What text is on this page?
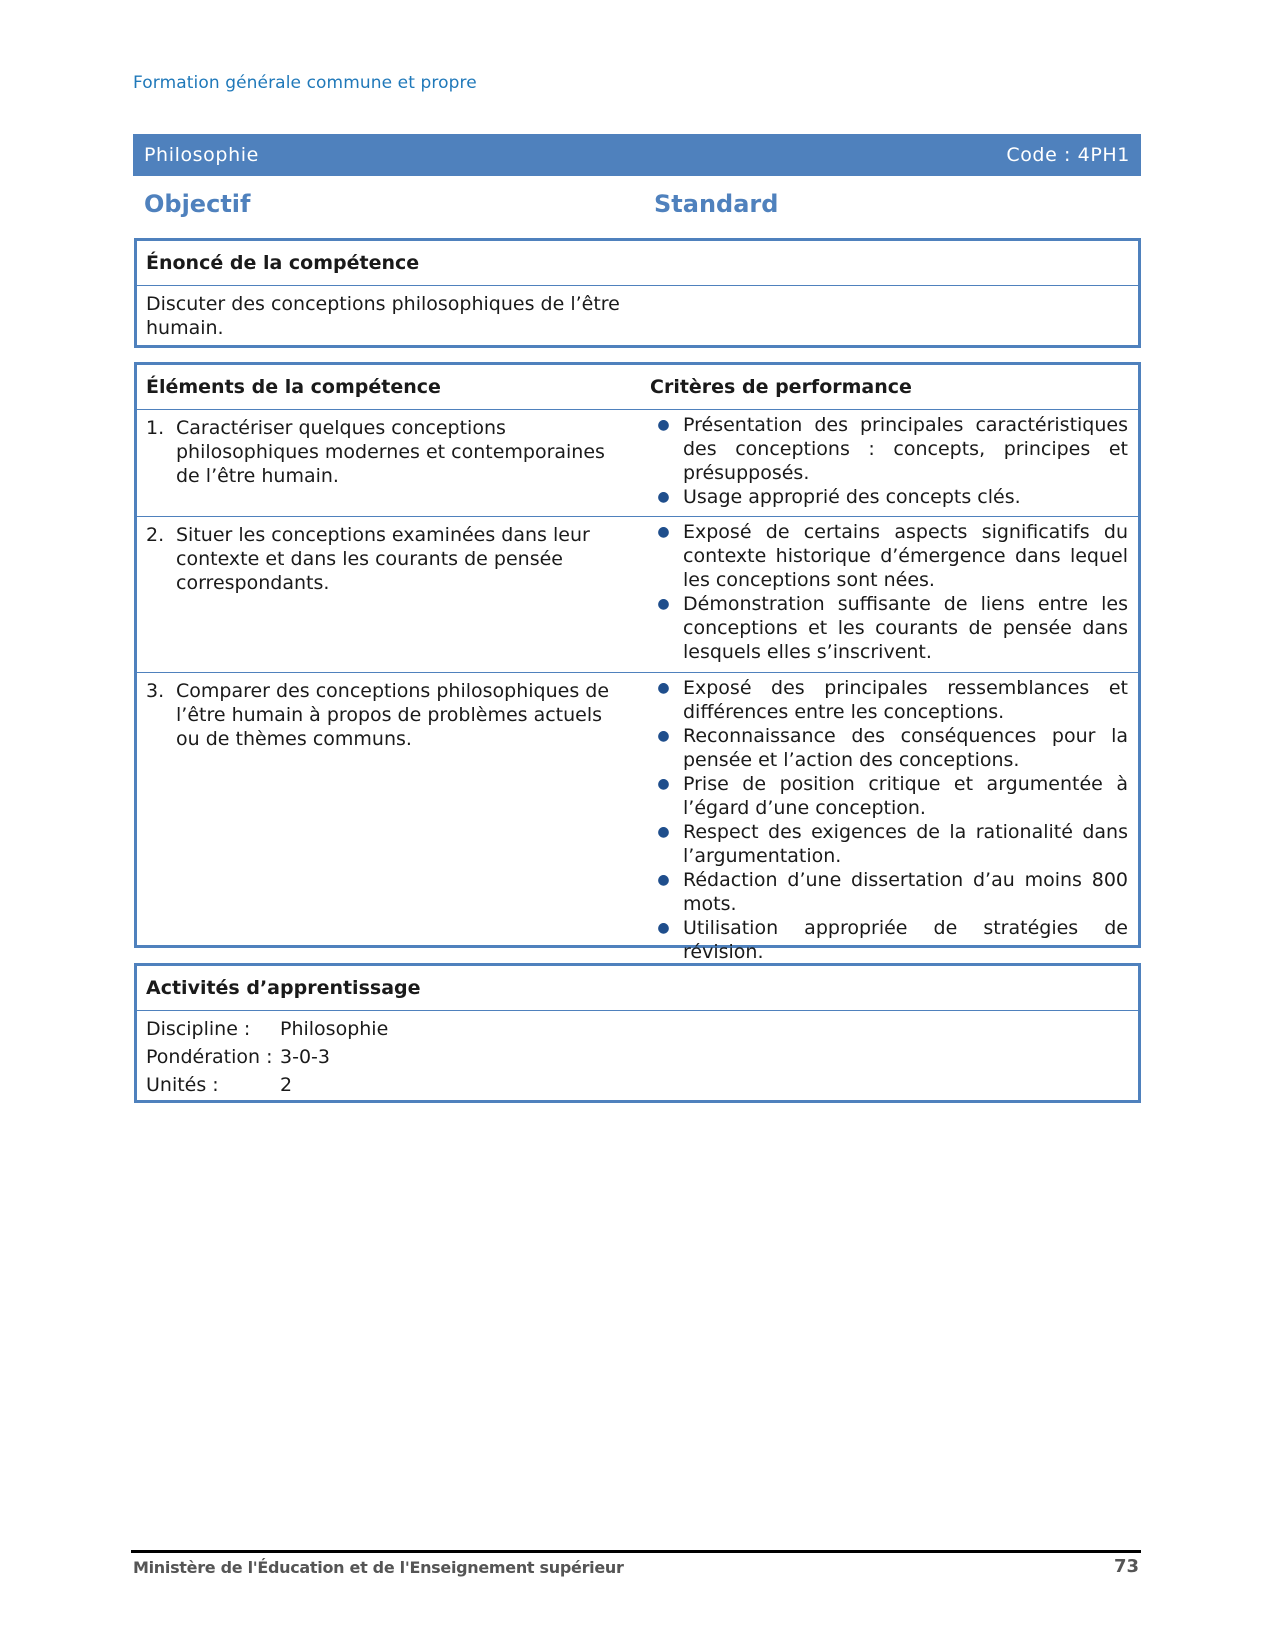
Formation générale commune et propre
Philosophie	Code : 4PH1
Objectif	Standard
Énoncé de la compétence
Discuter des conceptions philosophiques de l’être humain.
Éléments de la compétence	Critères de performance
1. Caractériser quelques conceptions philosophiques modernes et contemporaines de l’être humain.
● Présentation des principales caractéristiques des conceptions : concepts, principes et présupposés.
● Usage approprié des concepts clés.
2. Situer les conceptions examinées dans leur contexte et dans les courants de pensée correspondants.
● Exposé de certains aspects significatifs du contexte historique d’émergence dans lequel les conceptions sont nées.
● Démonstration suffisante de liens entre les conceptions et les courants de pensée dans lesquels elles s’inscrivent.
3. Comparer des conceptions philosophiques de l’être humain à propos de problèmes actuels ou de thèmes communs.
● Exposé des principales ressemblances et différences entre les conceptions.
● Reconnaissance des conséquences pour la pensée et l’action des conceptions.
● Prise de position critique et argumentée à l’égard d’une conception.
● Respect des exigences de la rationalité dans l’argumentation.
● Rédaction d’une dissertation d’au moins 800 mots.
● Utilisation appropriée de stratégies de révision.
Activités d’apprentissage
Discipline :	Philosophie
Pondération : 3-0-3
Unités :	2
Ministère de l'Éducation et de l'Enseignement supérieur	73
